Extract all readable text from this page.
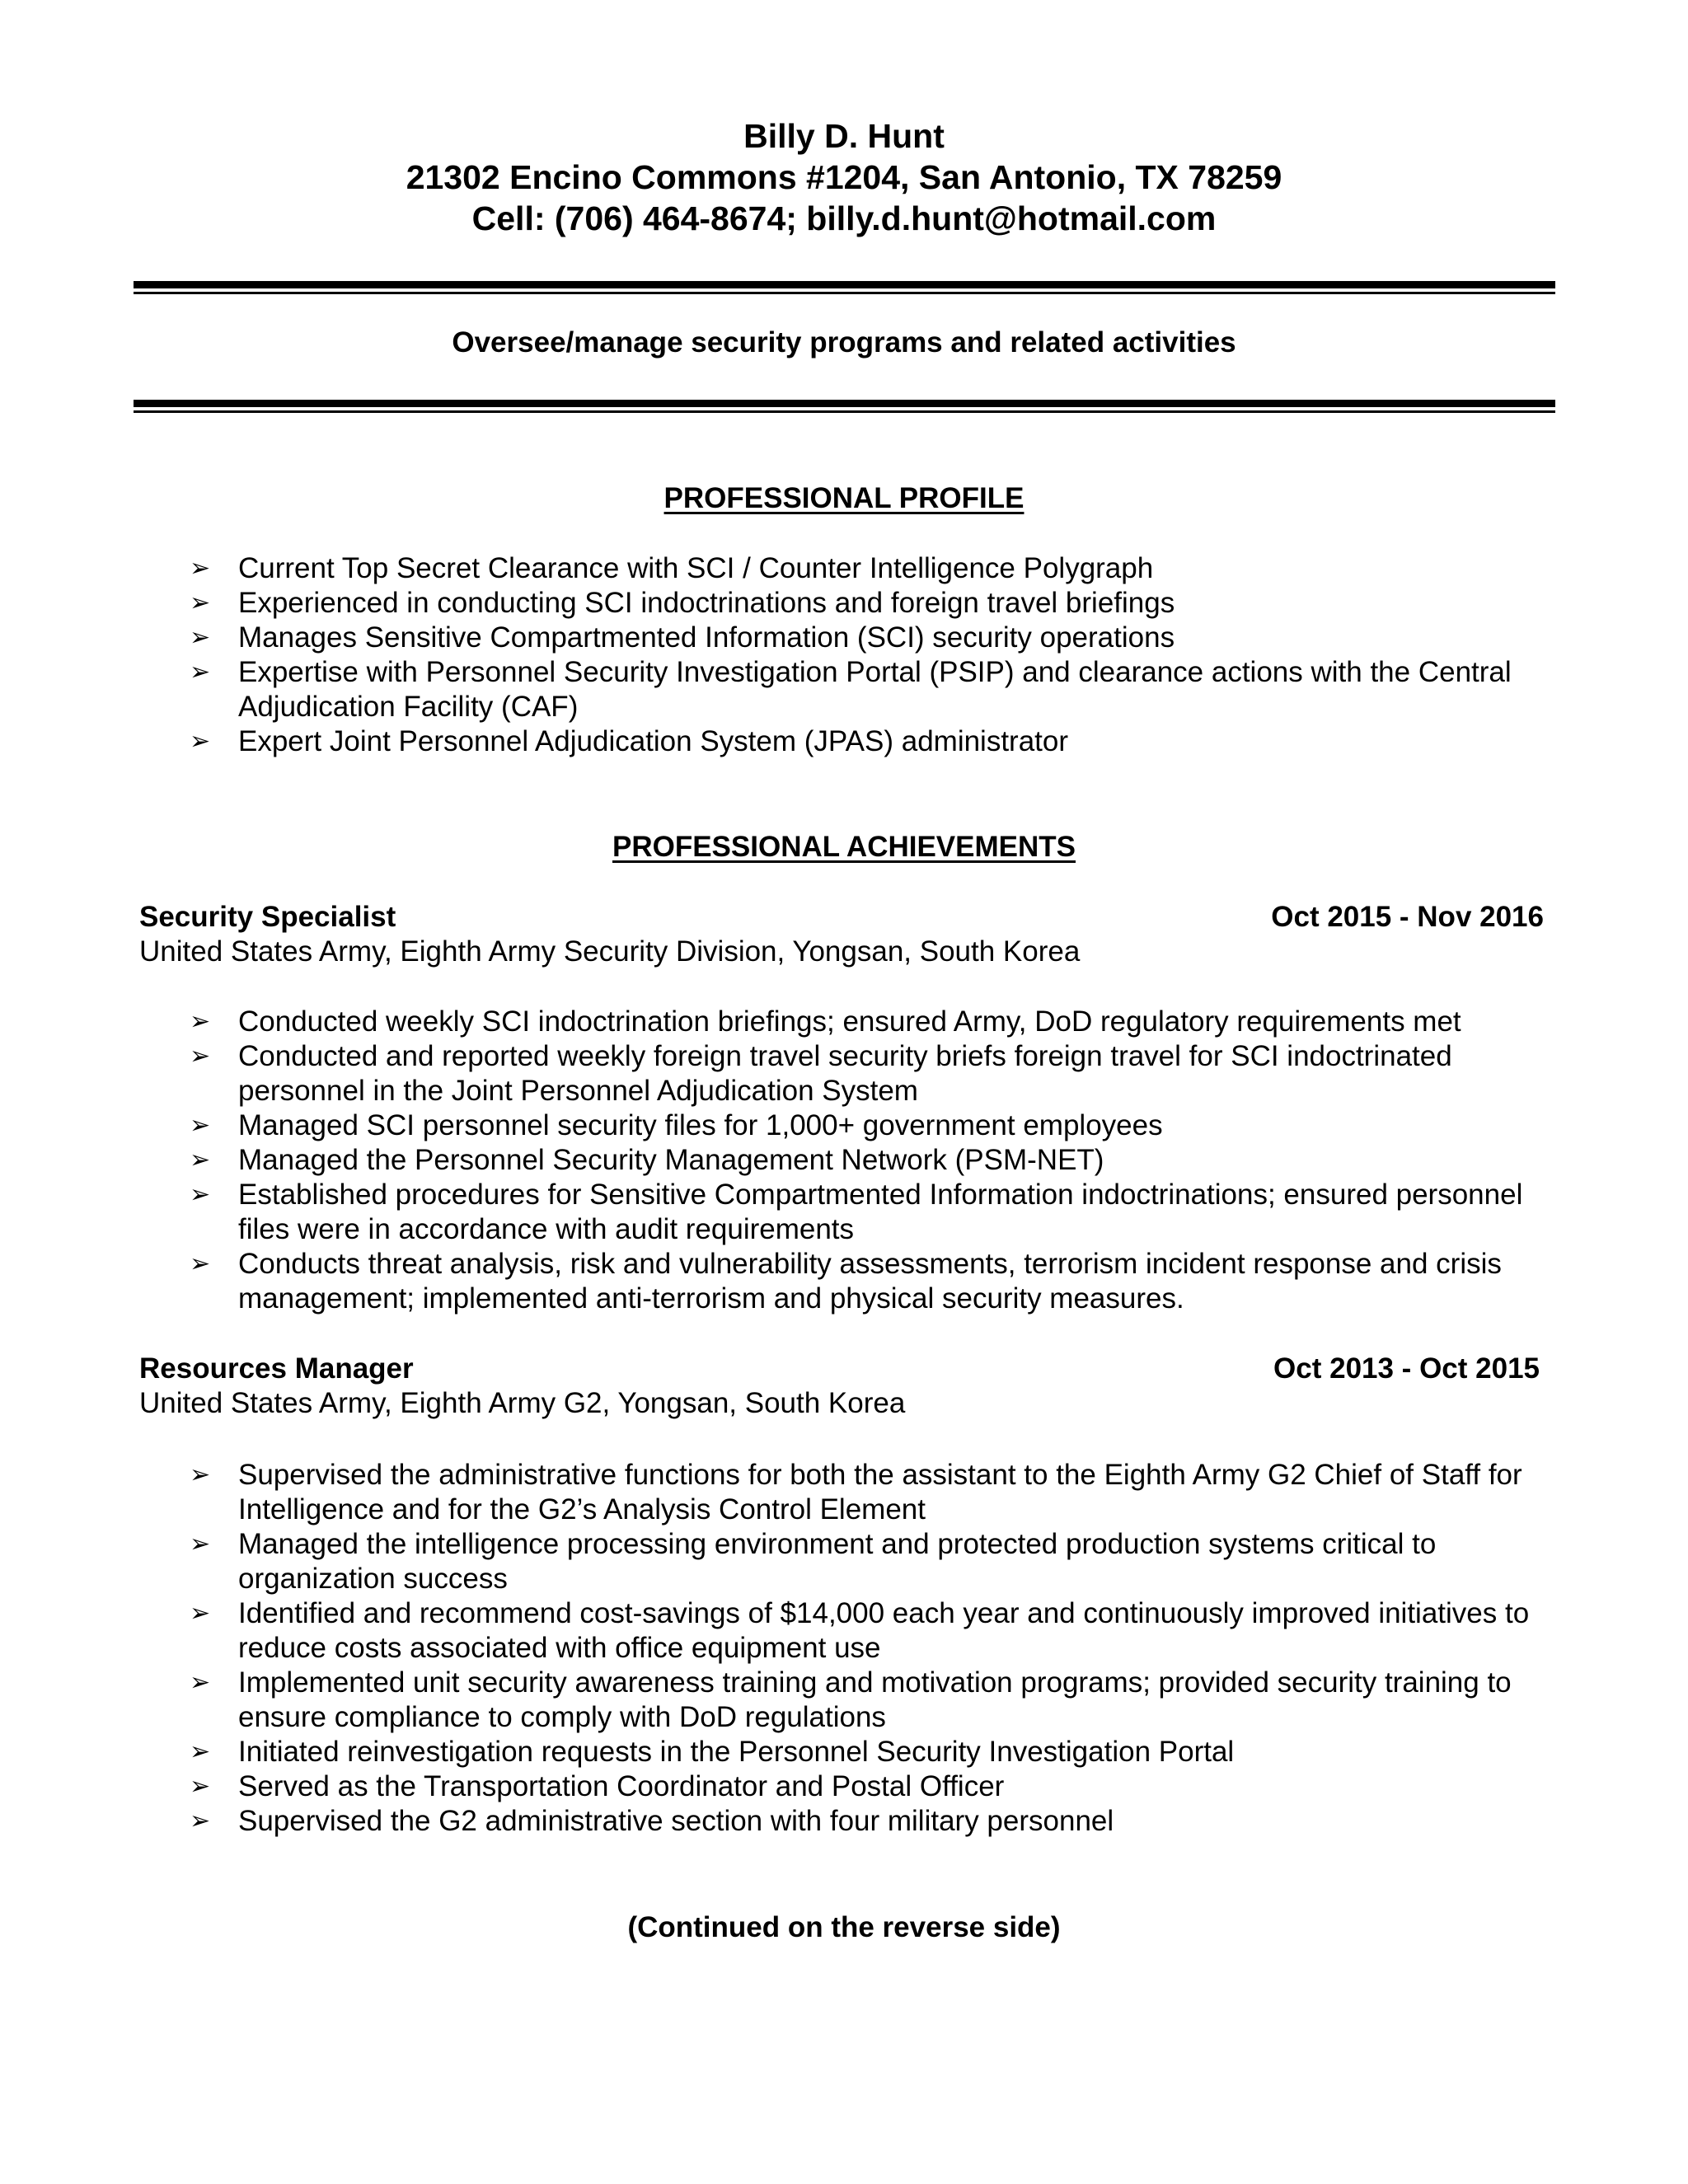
Billy D. Hunt
21302 Encino Commons #1204, San Antonio, TX 78259
Cell: (706) 464-8674; billy.d.hunt@hotmail.com
Oversee/manage security programs and related activities
PROFESSIONAL PROFILE
➢ Current Top Secret Clearance with SCI / Counter Intelligence Polygraph
➢ Experienced in conducting SCI indoctrinations and foreign travel briefings
➢ Manages Sensitive Compartmented Information (SCI) security operations
➢ Expertise with Personnel Security Investigation Portal (PSIP) and clearance actions with the Central Adjudication Facility (CAF)
➢ Expert Joint Personnel Adjudication System (JPAS) administrator
PROFESSIONAL ACHIEVEMENTS
Security Specialist	Oct 2015 - Nov 2016
United States Army, Eighth Army Security Division, Yongsan, South Korea
➢ Conducted weekly SCI indoctrination briefings; ensured Army, DoD regulatory requirements met
➢ Conducted and reported weekly foreign travel security briefs foreign travel for SCI indoctrinated personnel in the Joint Personnel Adjudication System
➢ Managed SCI personnel security files for 1,000+ government employees
➢ Managed the Personnel Security Management Network (PSM-NET)
➢ Established procedures for Sensitive Compartmented Information indoctrinations; ensured personnel files were in accordance with audit requirements
➢ Conducts threat analysis, risk and vulnerability assessments, terrorism incident response and crisis management; implemented anti-terrorism and physical security measures.
Resources Manager	Oct 2013 - Oct 2015
United States Army, Eighth Army G2, Yongsan, South Korea
➢ Supervised the administrative functions for both the assistant to the Eighth Army G2 Chief of Staff for Intelligence and for the G2’s Analysis Control Element
➢ Managed the intelligence processing environment and protected production systems critical to organization success
➢ Identified and recommend cost-savings of $14,000 each year and continuously improved initiatives to reduce costs associated with office equipment use
➢ Implemented unit security awareness training and motivation programs; provided security training to ensure compliance to comply with DoD regulations
➢ Initiated reinvestigation requests in the Personnel Security Investigation Portal
➢ Served as the Transportation Coordinator and Postal Officer
➢ Supervised the G2 administrative section with four military personnel
(Continued on the reverse side)
